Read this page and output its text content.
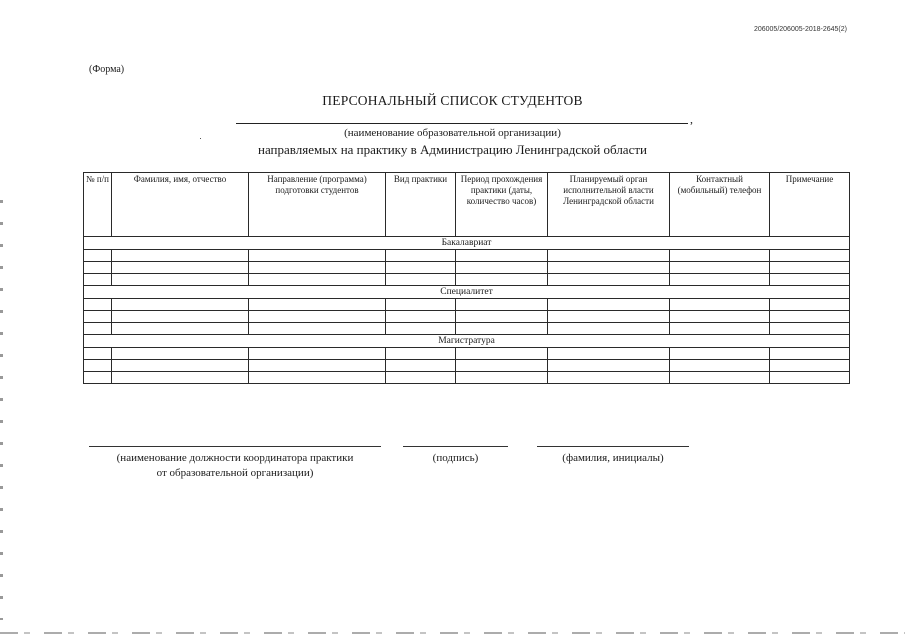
206005/206005-2018-2645(2)
(Форма)
ПЕРСОНАЛЬНЫЙ СПИСОК СТУДЕНТОВ
,
(наименование образовательной организации)
направляемых на практику в Администрацию Ленинградской области
№ п/п	Фамилия, имя, отчество	Направление (программа) подготовки студентов	Вид практики	Период прохождения практики (даты, количество часов)	Планируемый орган исполнительной власти Ленинградской области	Контактный (мобильный) телефон	Примечание
Бакалавриат							

Специалитет							

Магистратура							

(наименование должности координатора практики
от образовательной организации)
(подпись)	(фамилия, инициалы)
